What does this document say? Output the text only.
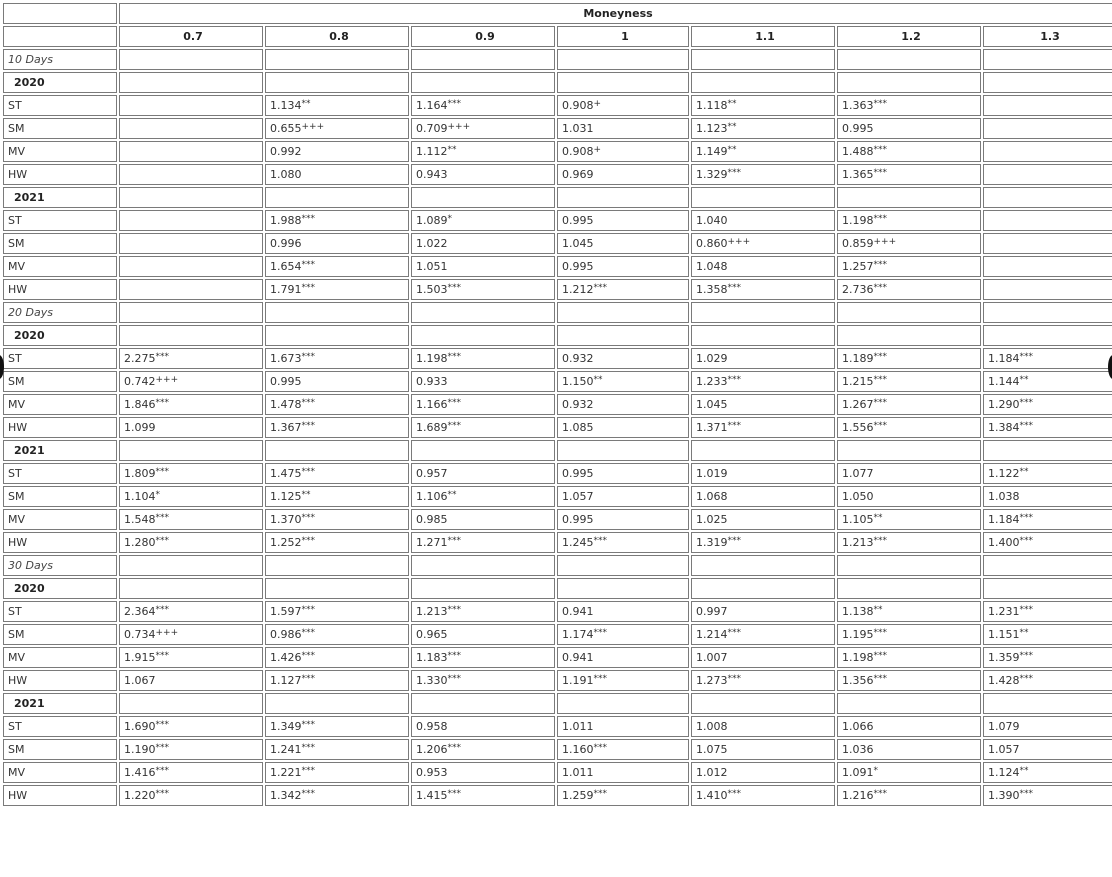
	Moneyness						
	0.7	0.8	0.9	1	1.1	1.2	1.3
10 Days							
2020							
ST		1.134**	1.164***	0.908+	1.118**	1.363***	
SM		0.655+++	0.709+++	1.031	1.123**	0.995	
MV		0.992	1.112**	0.908+	1.149**	1.488***	
HW		1.080	0.943	0.969	1.329***	1.365***	
2021							
ST		1.988***	1.089*	0.995	1.040	1.198***	
SM		0.996	1.022	1.045	0.860+++	0.859+++	
MV		1.654***	1.051	0.995	1.048	1.257***	
HW		1.791***	1.503***	1.212***	1.358***	2.736***	
20 Days							
2020							
ST	2.275***	1.673***	1.198***	0.932	1.029	1.189***	1.184***
SM	0.742+++	0.995	0.933	1.150**	1.233***	1.215***	1.144**
MV	1.846***	1.478***	1.166***	0.932	1.045	1.267***	1.290***
HW	1.099	1.367***	1.689***	1.085	1.371***	1.556***	1.384***
2021							
ST	1.809***	1.475***	0.957	0.995	1.019	1.077	1.122**
SM	1.104*	1.125**	1.106**	1.057	1.068	1.050	1.038
MV	1.548***	1.370***	0.985	0.995	1.025	1.105**	1.184***
HW	1.280***	1.252***	1.271***	1.245***	1.319***	1.213***	1.400***
30 Days							
2020							
ST	2.364***	1.597***	1.213***	0.941	0.997	1.138**	1.231***
SM	0.734+++	0.986***	0.965	1.174***	1.214***	1.195***	1.151**
MV	1.915***	1.426***	1.183***	0.941	1.007	1.198***	1.359***
HW	1.067	1.127***	1.330***	1.191***	1.273***	1.356***	1.428***
2021							
ST	1.690***	1.349***	0.958	1.011	1.008	1.066	1.079
SM	1.190***	1.241***	1.206***	1.160***	1.075	1.036	1.057
MV	1.416***	1.221***	0.953	1.011	1.012	1.091*	1.124**
HW	1.220***	1.342***	1.415***	1.259***	1.410***	1.216***	1.390***
